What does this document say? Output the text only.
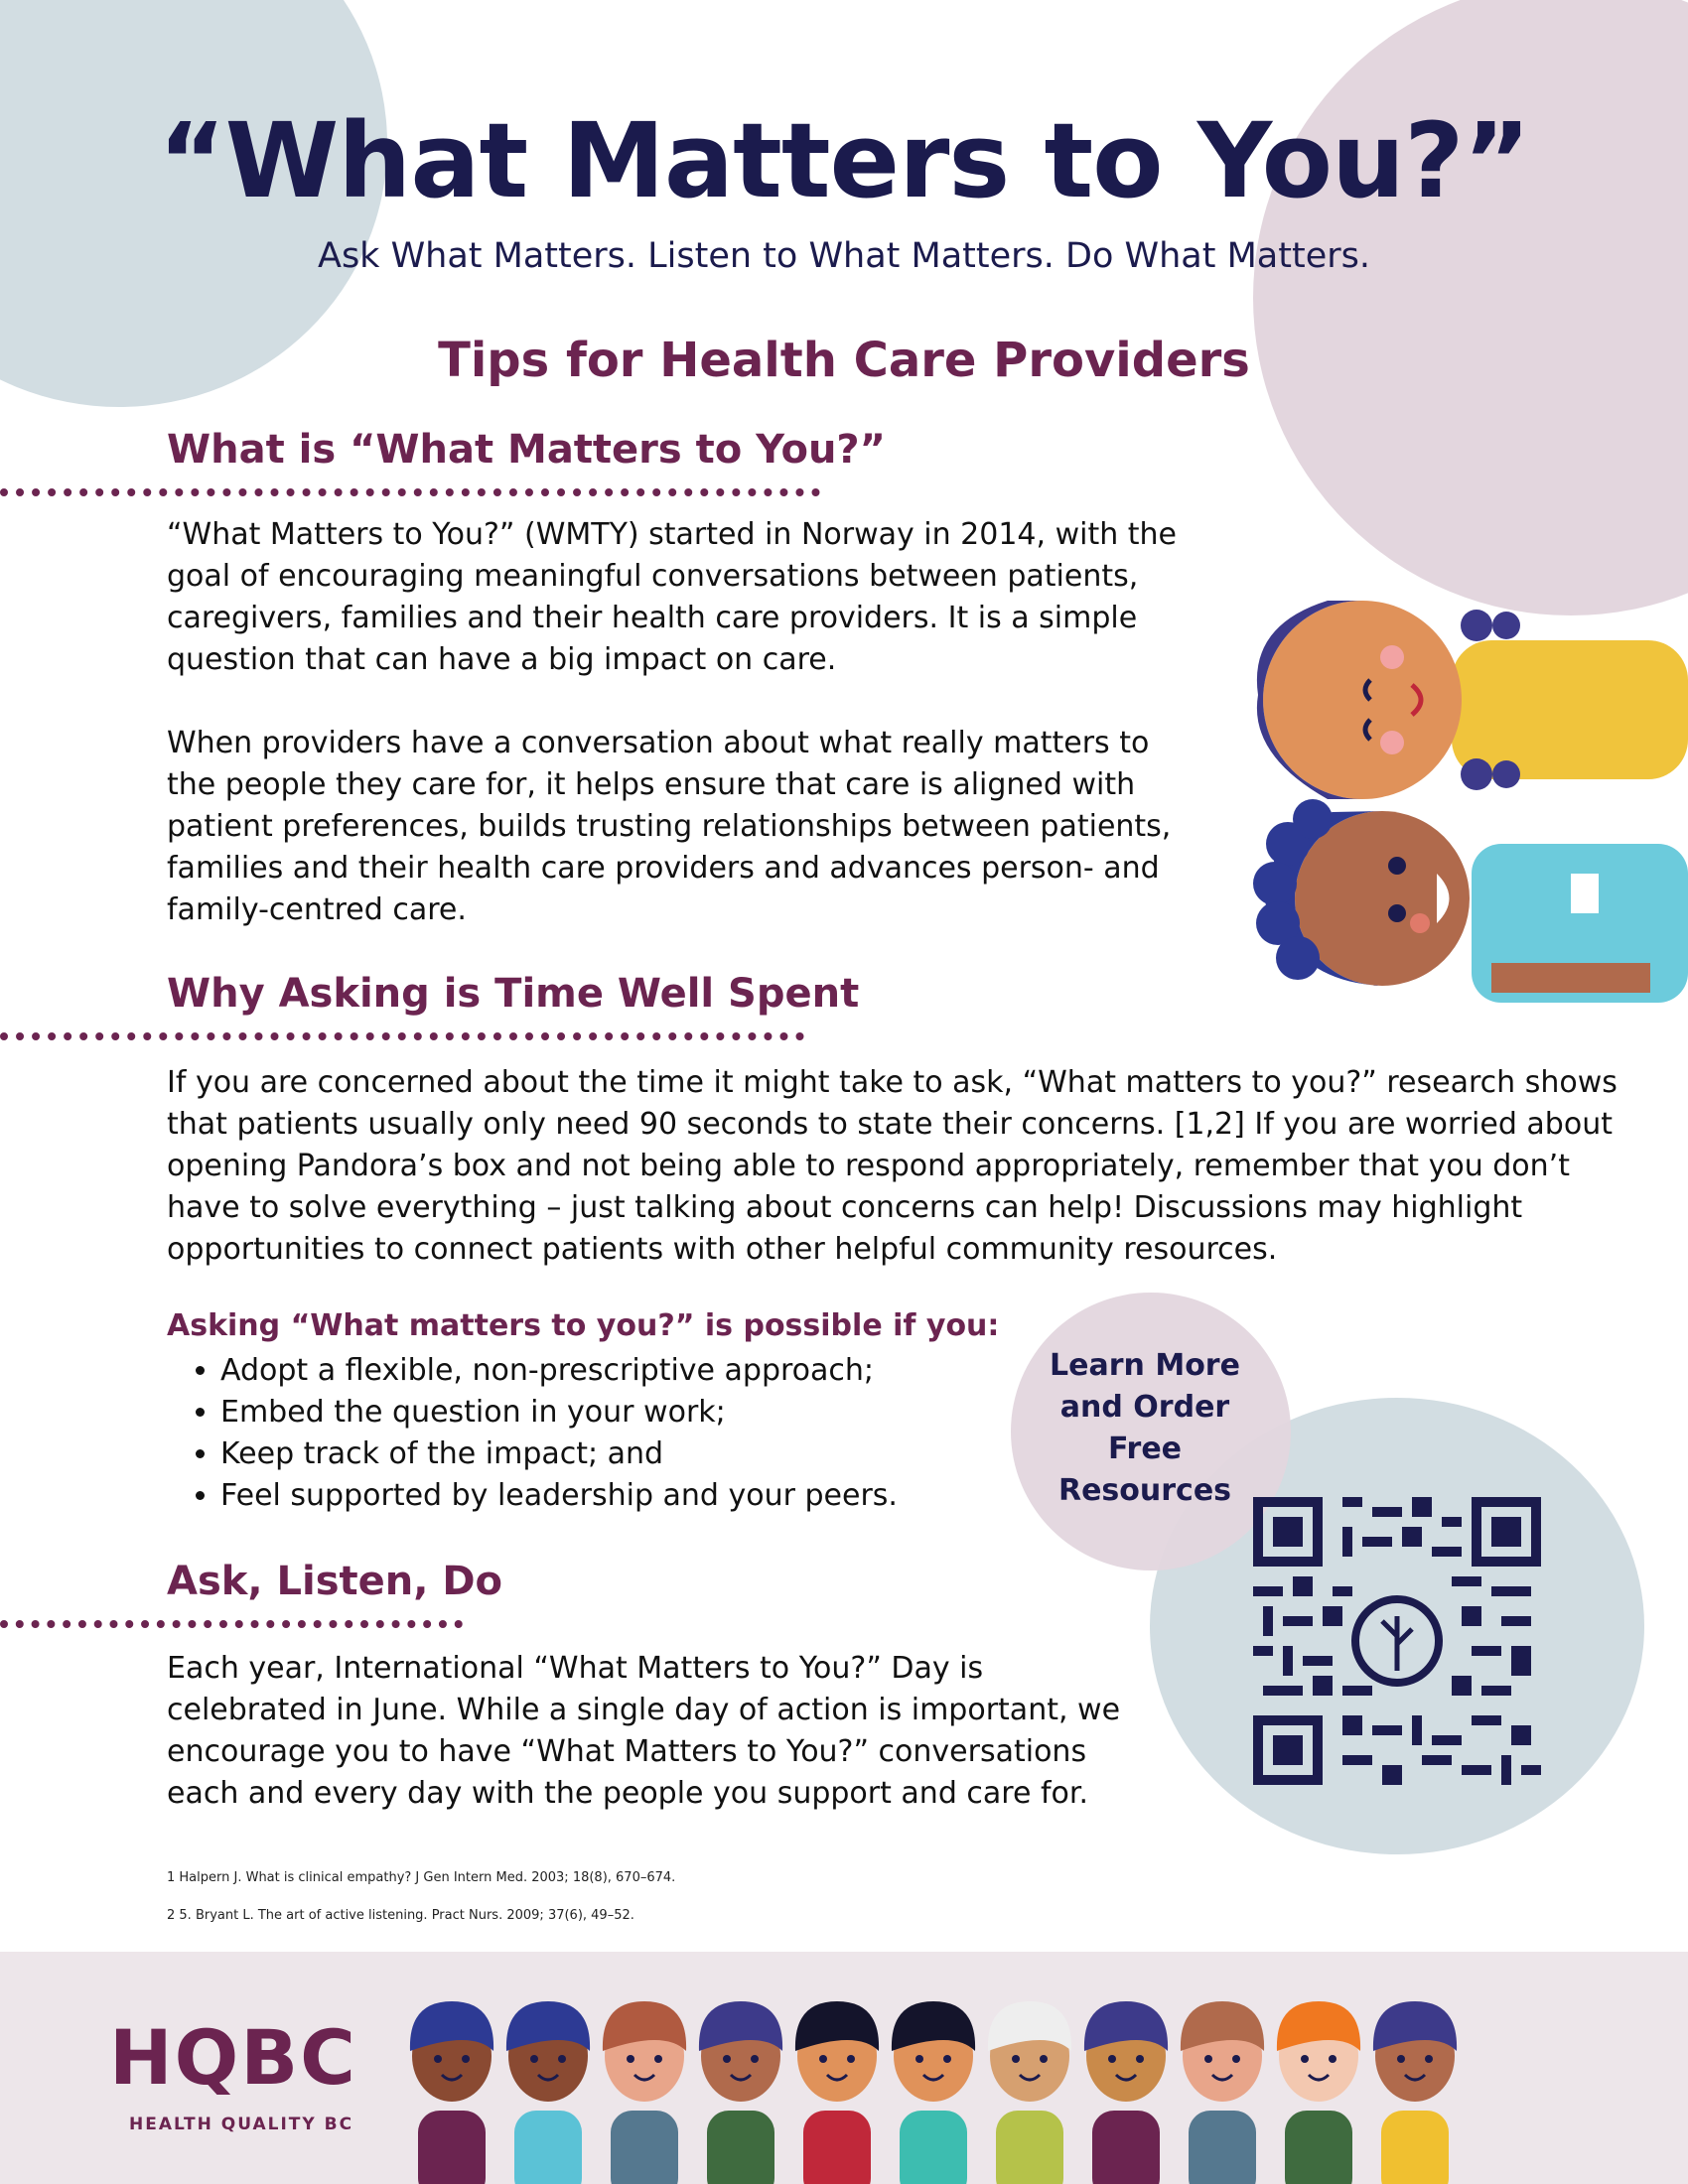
“What Matters to You?”
Ask What Matters. Listen to What Matters. Do What Matters.
Tips for Health Care Providers
What is “What Matters to You?”

“What Matters to You?” (WMTY) started in Norway in 2014, with the goal of encouraging meaningful conversations between patients, caregivers, families and their health care providers. It is a simple question that can have a big impact on care.

When providers have a conversation about what really matters to the people they care for, it helps ensure that care is aligned with patient preferences, builds trusting relationships between patients, families and their health care providers and advances person- and family-centred care.

Why Asking is Time Well Spent

If you are concerned about the time it might take to ask, “What matters to you?” research shows that patients usually only need 90 seconds to state their concerns. [1,2] If you are worried about opening Pandora’s box and not being able to respond appropriately, remember that you don’t have to solve everything – just talking about concerns can help! Discussions may highlight opportunities to connect patients with other helpful community resources.

Asking “What matters to you?” is possible if you:
• Adopt a flexible, non-prescriptive approach;
• Embed the question in your work;
• Keep track of the impact; and
• Feel supported by leadership and your peers.
Learn More
and Order
Free
Resources
Ask, Listen, Do

Each year, International “What Matters to You?” Day is celebrated in June. While a single day of action is important, we encourage you to have “What Matters to You?” conversations each and every day with the people you support and care for.

1 Halpern J. What is clinical empathy? J Gen Intern Med. 2003; 18(8), 670–674.
2 5. Bryant L. The art of active listening. Pract Nurs. 2009; 37(6), 49–52.
HQBC
HEALTH QUALITY BC
